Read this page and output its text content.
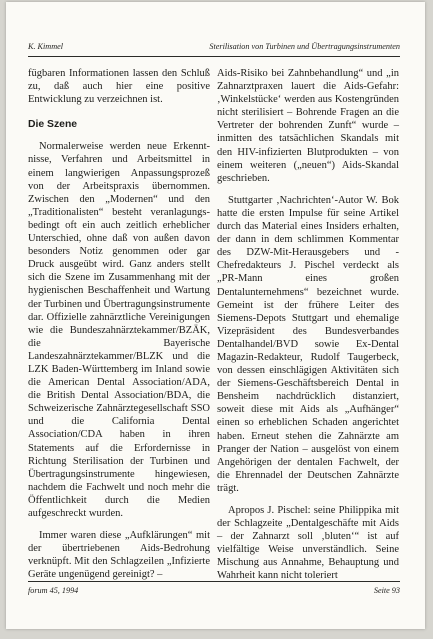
K. Kimmel	Sterilisation von Turbinen und Übertragungsinstrumenten

fügbaren Informationen lassen den Schluß zu, daß auch hier eine positive Entwicklung zu verzeichnen ist.

Die Szene

Normalerweise werden neue Erkenntnisse, Verfahren und Arbeitsmittel in einem langwierigen Anpassungsprozeß von der Arbeitspraxis übernommen. Zwischen den „Modernen“ und den „Traditionalisten“ besteht veranlagungsbedingt oft ein auch zeitlich erheblicher Unterschied, ohne daß von außen davon besonders Notiz genommen oder gar Druck ausgeübt wird. Ganz anders stellt sich die Szene im Zusammenhang mit der hygienischen Beschaffenheit und Wartung der Turbinen und Übertragungsinstrumente dar. Offizielle zahnärztliche Vereinigungen wie die Bundeszahnärztekammer/BZÄK, die Bayerische Landeszahnärztekammer/BLZK und die LZK Baden-Württemberg im Inland sowie die American Dental Association/ADA, die British Dental Association/BDA, die Schweizerische Zahnärztegesellschaft SSO und die California Dental Association/CDA haben in ihren Statements auf die Erfordernisse in Richtung Sterilisation der Turbinen und Übertragungsinstrumente hingewiesen, nachdem die Fachwelt und noch mehr die Öffentlichkeit durch die Medien aufgeschreckt wurden.

Immer waren diese „Aufklärungen“ mit der übertriebenen Aids-Bedrohung verknüpft. Mit den Schlagzeilen „Infizierte Geräte ungenügend gereinigt? –

Aids-Risiko bei Zahnbehandlung“ und „in Zahnarztpraxen lauert die Aids-Gefahr: ‚Winkelstücke‘ werden aus Kostengründen nicht sterilisiert – Bohrende Fragen an die Vertreter der bohrenden Zunft“ wurde – inmitten des tatsächlichen Skandals mit den HIV-infizierten Blutprodukten – von einem weiteren („neuen“) Aids-Skandal geschrieben.

Stuttgarter ‚Nachrichten‘-Autor W. Bok hatte die ersten Impulse für seine Artikel durch das Material eines Insiders erhalten, der dann in dem schlimmen Kommentar des DZW-Mit-Herausgebers und -Chefredakteurs J. Pischel verdeckt als „PR-Mann eines großen Dentalunternehmens“ bezeichnet wurde. Gemeint ist der frühere Leiter des Siemens-Depots Stuttgart und ehemalige Vizepräsident des Bundesverbandes Dentalhandel/BVD sowie Ex-Dental Magazin-Redakteur, Rudolf Taugerbeck, von dessen einschlägigen Aktivitäten sich der Siemens-Geschäftsbereich Dental in Bensheim nachdrücklich distanziert, soweit diese mit Aids als „Aufhänger“ einen so erheblichen Schaden angerichtet haben. Erneut stehen die Zahnärzte am Pranger der Nation – ausgelöst von einem Angehörigen der dentalen Fachwelt, der die Ehrennadel der Deutschen Zahnärzte trägt.

Apropos J. Pischel: seine Philippika mit der Schlagzeite „Dentalgeschäfte mit Aids – der Zahnarzt soll ‚bluten‘“ ist auf vielfältige Weise unverständlich. Seine Mischung aus Annahme, Behauptung und Wahrheit kann nicht toleriert

forum 45, 1994	Seite 93
